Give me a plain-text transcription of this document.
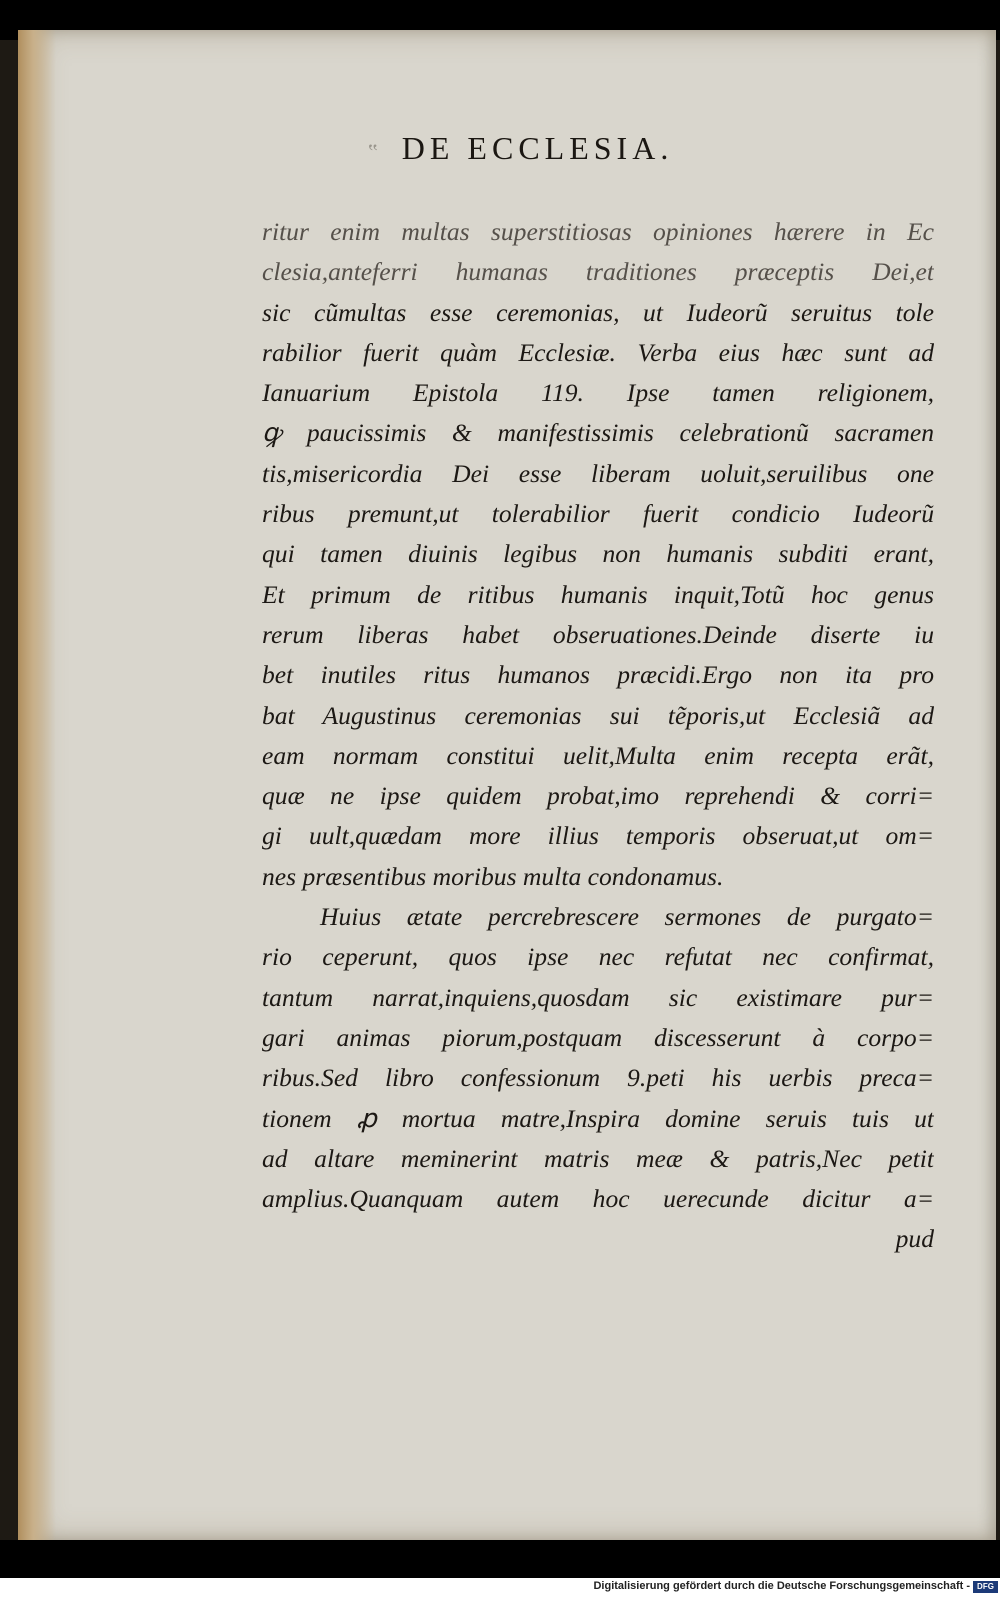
‟ DE ECCLESIA.
ritur enim multas superstitiosas opiniones hærere in Ec
clesia,anteferri humanas traditiones præceptis Dei,et
sic cũmultas esse ceremonias, ut Iudeorũ seruitus tole
rabilior fuerit quàm Ecclesiæ. Verba eius hæc sunt ad
Ianuarium Epistola 119. Ipse tamen religionem,
ꝙ paucissimis & manifestissimis celebrationũ sacramen
tis,misericordia Dei esse liberam uoluit,seruilibus one
ribus premunt,ut tolerabilior fuerit condicio Iudeorũ
qui tamen diuinis legibus non humanis subditi erant,
Et primum de ritibus humanis inquit,Totũ hoc genus
rerum liberas habet obseruationes.Deinde diserte iu
bet inutiles ritus humanos præcidi.Ergo non ita pro
bat Augustinus ceremonias sui tẽporis,ut Ecclesiã ad
eam normam constitui uelit,Multa enim recepta erãt,
quæ ne ipse quidem probat,imo reprehendi & corri=
gi uult,quædam more illius temporis obseruat,ut om=
nes præsentibus moribus multa condonamus.
Huius ætate percrebrescere sermones de purgato=
rio ceperunt, quos ipse nec refutat nec confirmat,
tantum narrat,inquiens,quosdam sic existimare pur=
gari animas piorum,postquam discesserunt à corpo=
ribus.Sed libro confessionum 9.peti his uerbis preca=
tionem ꝓ mortua matre,Inspira domine seruis tuis ut
ad altare meminerint matris meæ & patris,Nec petit
amplius.Quanquam autem hoc uerecunde dicitur a=
pud
Digitalisierung gefördert durch die Deutsche Forschungsgemeinschaft - DFG
